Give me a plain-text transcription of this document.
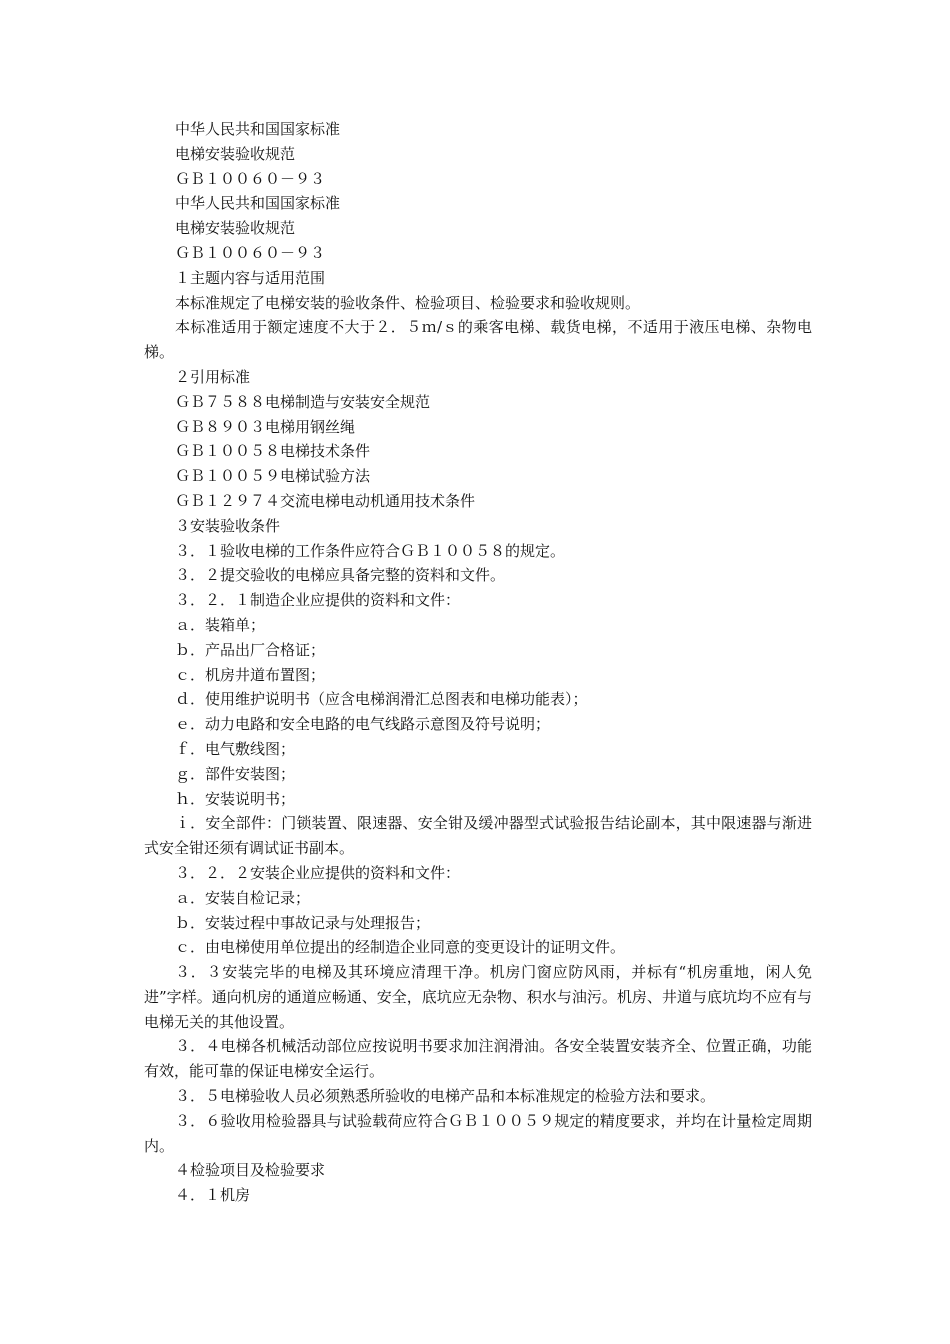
中华人民共和国国家标准

电梯安装验收规范

ＧＢ１００６０－９３

中华人民共和国国家标准

电梯安装验收规范

ＧＢ１００６０－９３

１主题内容与适用范围

本标准规定了电梯安装的验收条件、检验项目、检验要求和验收规则。

本标准适用于额定速度不大于２．５ｍ/ｓ的乘客电梯、载货电梯，不适用于液压电梯、杂物电梯。

２引用标准

ＧＢ７５８８电梯制造与安装安全规范

ＧＢ８９０３电梯用钢丝绳

ＧＢ１００５８电梯技术条件

ＧＢ１００５９电梯试验方法

ＧＢ１２９７４交流电梯电动机通用技术条件

３安装验收条件

３．１验收电梯的工作条件应符合ＧＢ１００５８的规定。

３．２提交验收的电梯应具备完整的资料和文件。

３．２．１制造企业应提供的资料和文件：

ａ．装箱单；

ｂ．产品出厂合格证；

ｃ．机房井道布置图；

ｄ．使用维护说明书（应含电梯润滑汇总图表和电梯功能表）；

ｅ．动力电路和安全电路的电气线路示意图及符号说明；

ｆ．电气敷线图；

ｇ．部件安装图；

ｈ．安装说明书；

ｉ．安全部件：门锁装置、限速器、安全钳及缓冲器型式试验报告结论副本，其中限速器与渐进式安全钳还须有调试证书副本。

３．２．２安装企业应提供的资料和文件：

ａ．安装自检记录；

ｂ．安装过程中事故记录与处理报告；

ｃ．由电梯使用单位提出的经制造企业同意的变更设计的证明文件。

３．３安装完毕的电梯及其环境应清理干净。机房门窗应防风雨，并标有“机房重地，闲人免进”字样。通向机房的通道应畅通、安全，底坑应无杂物、积水与油污。机房、井道与底坑均不应有与电梯无关的其他设置。

３．４电梯各机械活动部位应按说明书要求加注润滑油。各安全装置安装齐全、位置正确，功能有效，能可靠的保证电梯安全运行。

３．５电梯验收人员必须熟悉所验收的电梯产品和本标准规定的检验方法和要求。

３．６验收用检验器具与试验载荷应符合ＧＢ１００５９规定的精度要求，并均在计量检定周期内。

４检验项目及检验要求

４．１机房
